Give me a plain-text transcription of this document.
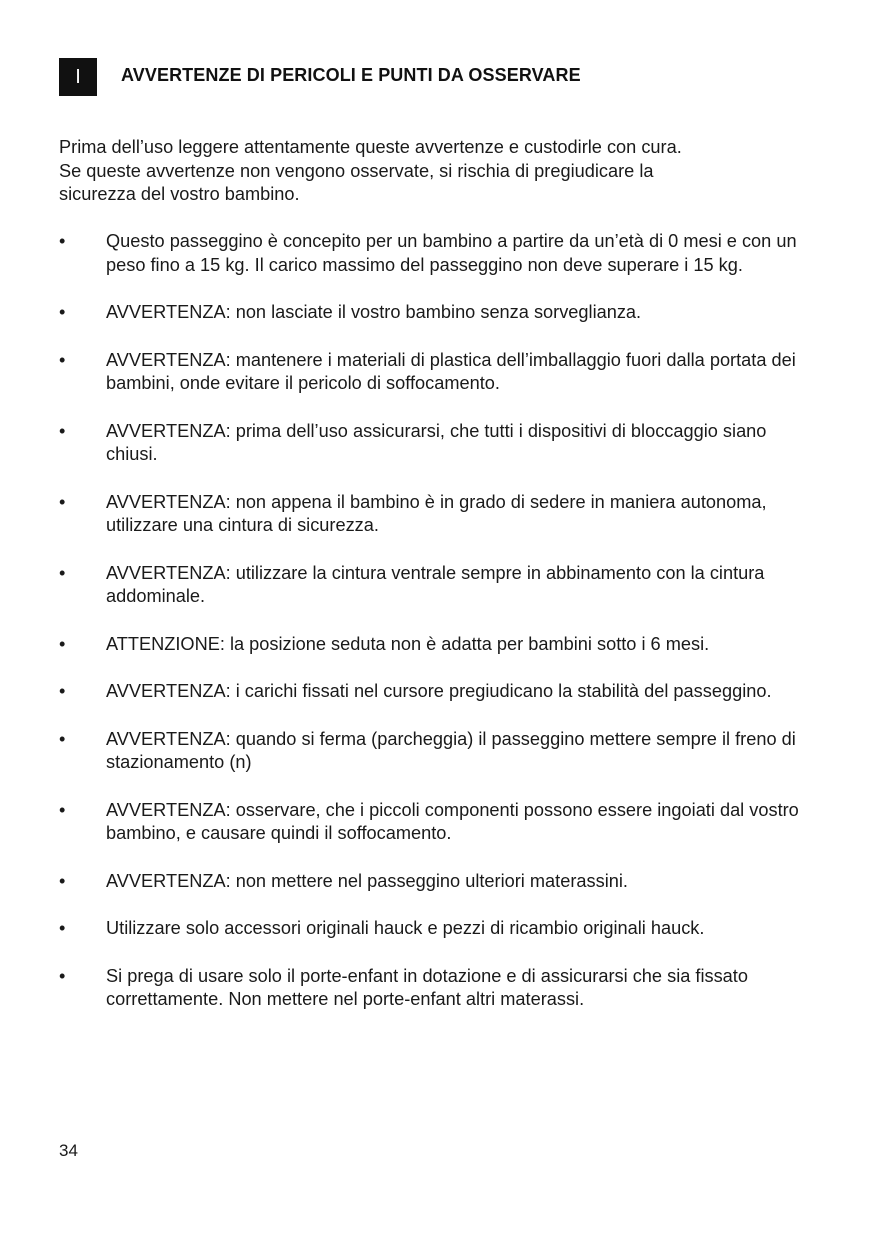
I	AVVERTENZE DI PERICOLI E PUNTI DA OSSERVARE

Prima dell’uso leggere attentamente queste avvertenze e custodirle con cura.

Se queste avvertenze non vengono osservate, si rischia di pregiudicare la

sicurezza del vostro bambino.

•	Questo passeggino è concepito per un bambino a partire da un’età di 0 mesi e con un peso fino a 15 kg. Il carico massimo del passeggino non deve superare i 15 kg.
•	AVVERTENZA: non lasciate il vostro bambino senza sorveglianza.
•	AVVERTENZA: mantenere i materiali di plastica dell’imballaggio fuori dalla portata dei bambini, onde evitare il pericolo di soffocamento.
•	AVVERTENZA: prima dell’uso assicurarsi, che tutti i dispositivi di bloccaggio siano chiusi.
•	AVVERTENZA: non appena il bambino è in grado di sedere in maniera autonoma, utilizzare una cintura di sicurezza.
•	AVVERTENZA: utilizzare la cintura ventrale sempre in abbinamento con la cintura addominale.
•	ATTENZIONE: la posizione seduta non è adatta per bambini sotto i 6 mesi.
•	AVVERTENZA: i carichi fissati nel cursore pregiudicano la stabilità del passeggino.
•	AVVERTENZA: quando si ferma (parcheggia) il passeggino mettere sempre il freno di stazionamento (n)
•	AVVERTENZA: osservare, che i piccoli componenti possono essere ingoiati dal vostro bambino, e causare quindi il soffocamento.
•	AVVERTENZA: non mettere nel passeggino ulteriori materassini.
•	Utilizzare solo accessori originali hauck e pezzi di ricambio originali hauck.
•	Si prega di usare solo il porte-enfant in dotazione e di assicurarsi che sia fissato correttamente. Non mettere nel porte-enfant altri materassi.
34
